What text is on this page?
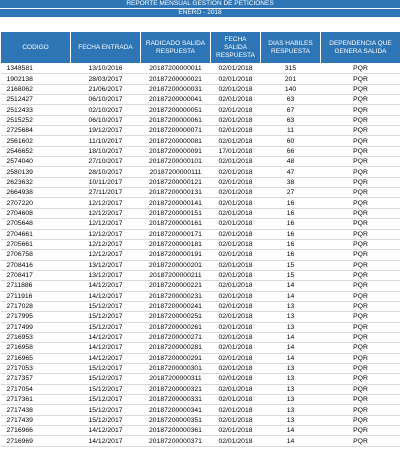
REPORTE MENSUAL GESTION DE PETICIONES
ENERO - 2018
CODIGO	FECHA ENTRADA	RADICADO SALIDA RESPUESTA	FECHA SALIDA RESPUESTA	DIAS HABILES RESPUESTA	DEPENDENCIA QUE GENERA SALIDA
1348581	13/10/2016	20187200000011	02/01/2018	315	PQR
1902138	28/03/2017	20187200000021	02/01/2018	201	PQR
2168062	21/06/2017	20187200000031	02/01/2018	140	PQR
2512427	06/10/2017	20187200000041	02/01/2018	63	PQR
2512433	02/10/2017	20187200000051	02/01/2018	67	PQR
2515252	06/10/2017	20187200000061	02/01/2018	63	PQR
2725684	19/12/2017	20187200000071	02/01/2018	11	PQR
2561602	11/10/2017	20187200000081	02/01/2018	60	PQR
2546652	18/10/2017	20187200000091	17/01/2018	66	PQR
2574040	27/10/2017	20187200000101	02/01/2018	48	PQR
2580139	28/10/2017	20187200000111	02/01/2018	47	PQR
2623632	10/11/2017	20187200000121	02/01/2018	38	PQR
2664938	27/11/2017	20187200000131	02/01/2018	27	PQR
2707220	12/12/2017	20187200000141	02/01/2018	16	PQR
2704608	12/12/2017	20187200000151	02/01/2018	16	PQR
2705648	12/12/2017	20187200000161	02/01/2018	16	PQR
2704661	12/12/2017	20187200000171	02/01/2018	16	PQR
2705661	12/12/2017	20187200000181	02/01/2018	16	PQR
2706758	12/12/2017	20187200000191	02/01/2018	16	PQR
2708416	13/12/2017	20187200000201	02/01/2018	15	PQR
2708417	13/12/2017	20187200000211	02/01/2018	15	PQR
2711886	14/12/2017	20187200000221	02/01/2018	14	PQR
2711916	14/12/2017	20187200000231	02/01/2018	14	PQR
2717028	15/12/2017	20187200000241	02/01/2018	13	PQR
2717995	15/12/2017	20187200000251	02/01/2018	13	PQR
2717499	15/12/2017	20187200000261	02/01/2018	13	PQR
2716953	14/12/2017	20187200000271	02/01/2018	14	PQR
2716958	14/12/2017	20187200000281	02/01/2018	14	PQR
2716965	14/12/2017	20187200000291	02/01/2018	14	PQR
2717053	15/12/2017	20187200000301	02/01/2018	13	PQR
2717357	15/12/2017	20187200000311	02/01/2018	13	PQR
2717054	15/12/2017	20187200000321	02/01/2018	13	PQR
2717361	15/12/2017	20187200000331	02/01/2018	13	PQR
2717438	15/12/2017	20187200000341	02/01/2018	13	PQR
2717439	15/12/2017	20187200000351	02/01/2018	13	PQR
2716966	14/12/2017	20187200000361	02/01/2018	14	PQR
2716969	14/12/2017	20187200000371	02/01/2018	14	PQR
